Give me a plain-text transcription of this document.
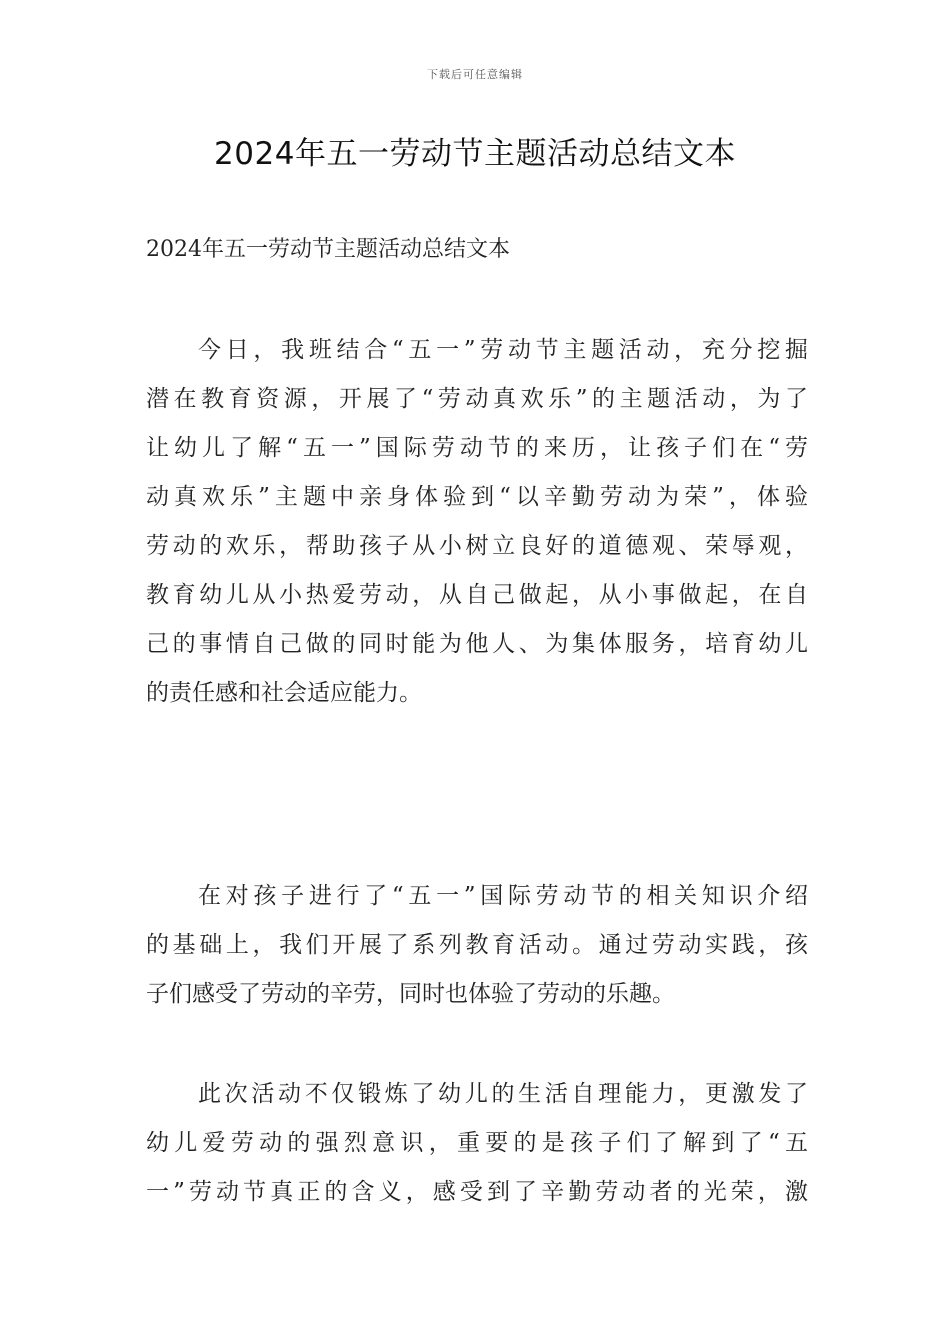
下载后可任意编辑
2024年五一劳动节主题活动总结文本
2024年五一劳动节主题活动总结文本
今日，我班结合“五一”劳动节主题活动，充分挖掘
潜在教育资源，开展了“劳动真欢乐”的主题活动，为了
让幼儿了解“五一”国际劳动节的来历，让孩子们在“劳
动真欢乐”主题中亲身体验到“以辛勤劳动为荣”，体验
劳动的欢乐，帮助孩子从小树立良好的道德观、荣辱观，
教育幼儿从小热爱劳动，从自己做起，从小事做起，在自
己的事情自己做的同时能为他人、为集体服务，培育幼儿
的责任感和社会适应能力。
在对孩子进行了“五一”国际劳动节的相关知识介绍
的基础上，我们开展了系列教育活动。通过劳动实践，孩
子们感受了劳动的辛劳，同时也体验了劳动的乐趣。
此次活动不仅锻炼了幼儿的生活自理能力，更激发了
幼儿爱劳动的强烈意识，重要的是孩子们了解到了“五
一”劳动节真正的含义，感受到了辛勤劳动者的光荣，激
